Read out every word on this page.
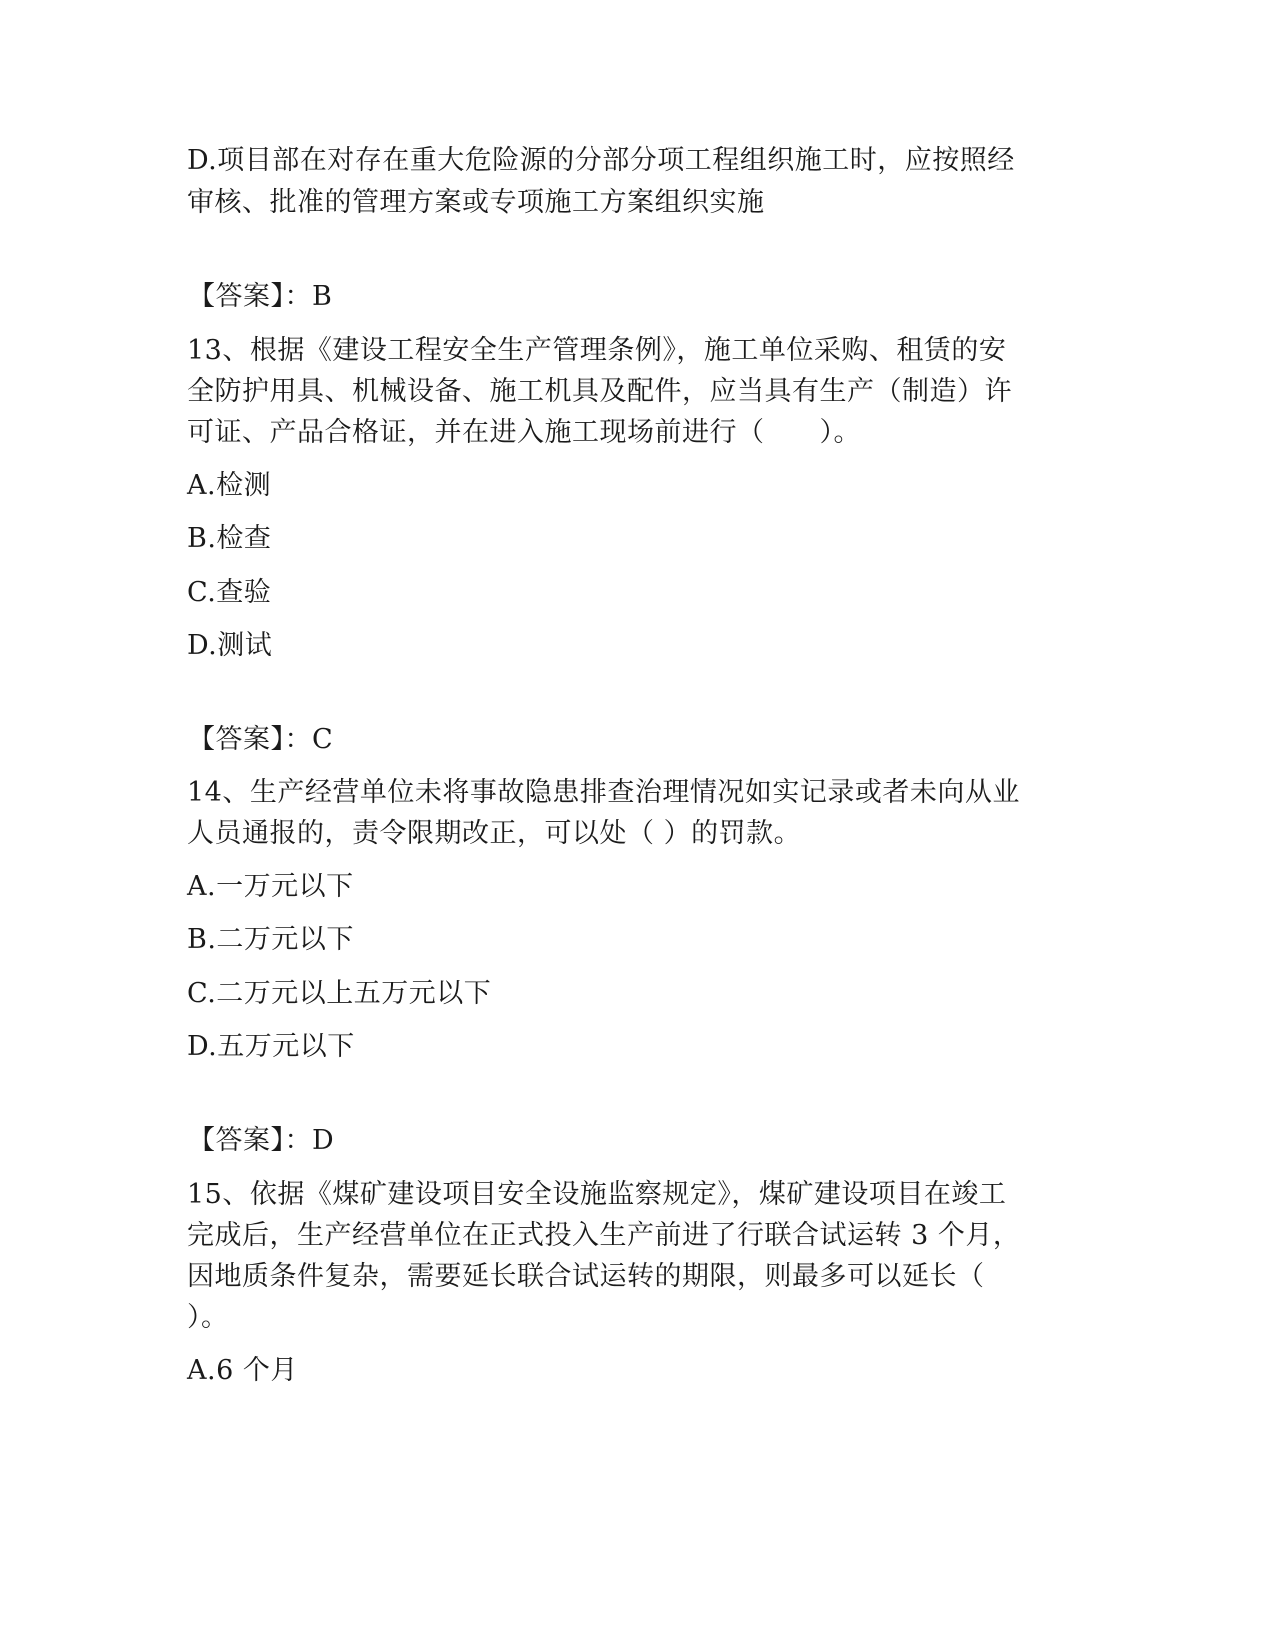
D.项目部在对存在重大危险源的分部分项工程组织施工时，应按照经
审核、批准的管理方案或专项施工方案组织实施
【答案】：B
13、根据《建设工程安全生产管理条例》，施工单位采购、租赁的安
全防护用具、机械设备、施工机具及配件，应当具有生产（制造）许
可证、产品合格证，并在进入施工现场前进行（　　）。
A.检测
B.检查
C.查验
D.测试
【答案】：C
14、生产经营单位未将事故隐患排查治理情况如实记录或者未向从业
人员通报的，责令限期改正，可以处（ ）的罚款。
A.一万元以下
B.二万元以下
C.二万元以上五万元以下
D.五万元以下
【答案】：D
15、依据《煤矿建设项目安全设施监察规定》，煤矿建设项目在竣工
完成后，生产经营单位在正式投入生产前进了行联合试运转 3 个月，
因地质条件复杂，需要延长联合试运转的期限，则最多可以延长（
）。
A.6 个月
